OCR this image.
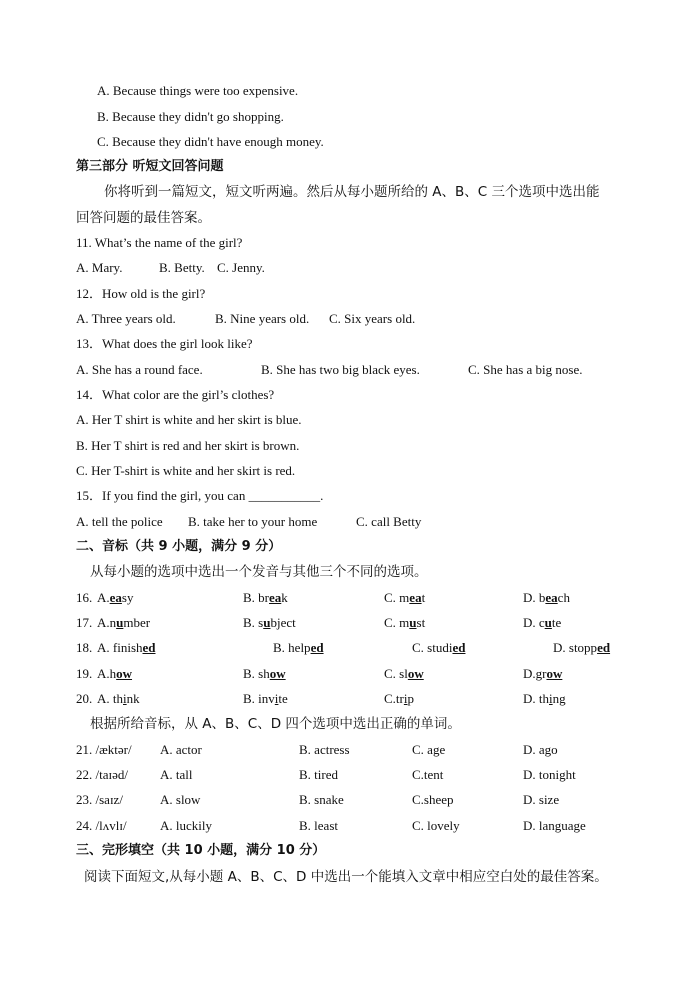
A. Because things were too expensive.
B. Because they didn't go shopping.
C. Because they didn't have enough money.
第三部分 听短文回答问题
你将听到一篇短文，短文听两遍。然后从每小题所给的 A、B、C 三个选项中选出能
回答问题的最佳答案。
11. What’s the name of the girl?
A. Mary.	B. Betty. C. Jenny.
12．How old is the girl?
A. Three years old.	B. Nine years old. C. Six years old.
13．What does the girl look like?
A. She has a round face.	B. She has two big black eyes.	C. She has a big nose.
14．What color are the girl’s clothes?
A. Her T shirt is white and her skirt is blue.
B. Her T shirt is red and her skirt is brown.
C. Her T-shirt is white and her skirt is red.
15．If you find the girl, you can ___________.
A. tell the police B. take her to your home	C. call Betty
二、音标（共 9 小题，满分 9 分）
从每小题的选项中选出一个发音与其他三个不同的选项。
16. A.easy	B. break	C. meat	D. beach
17. A.number	B. subject	C. must	D. cute
18. A. finished	B. helped	C. studied	D. stopped
19. A.how	B. show	C. slow	D.grow
20. A. think	B. invite	C.trip	D. thing
根据所给音标，从 A、B、C、D 四个选项中选出正确的单词。
21. /æktər/ A. actor	B. actress	C. age	D. ago
22. /taɪəd/ A. tall	B. tired	C.tent	D. tonight
23. /saɪz/	A. slow	B. snake	C.sheep	D. size
24. /lʌvlɪ/	A. luckily	B. least	C. lovely	D. language
三、完形填空（共 10 小题，满分 10 分）
阅读下面短文,从每小题 A、B、C、D 中选出一个能填入文章中相应空白处的最佳答案。
